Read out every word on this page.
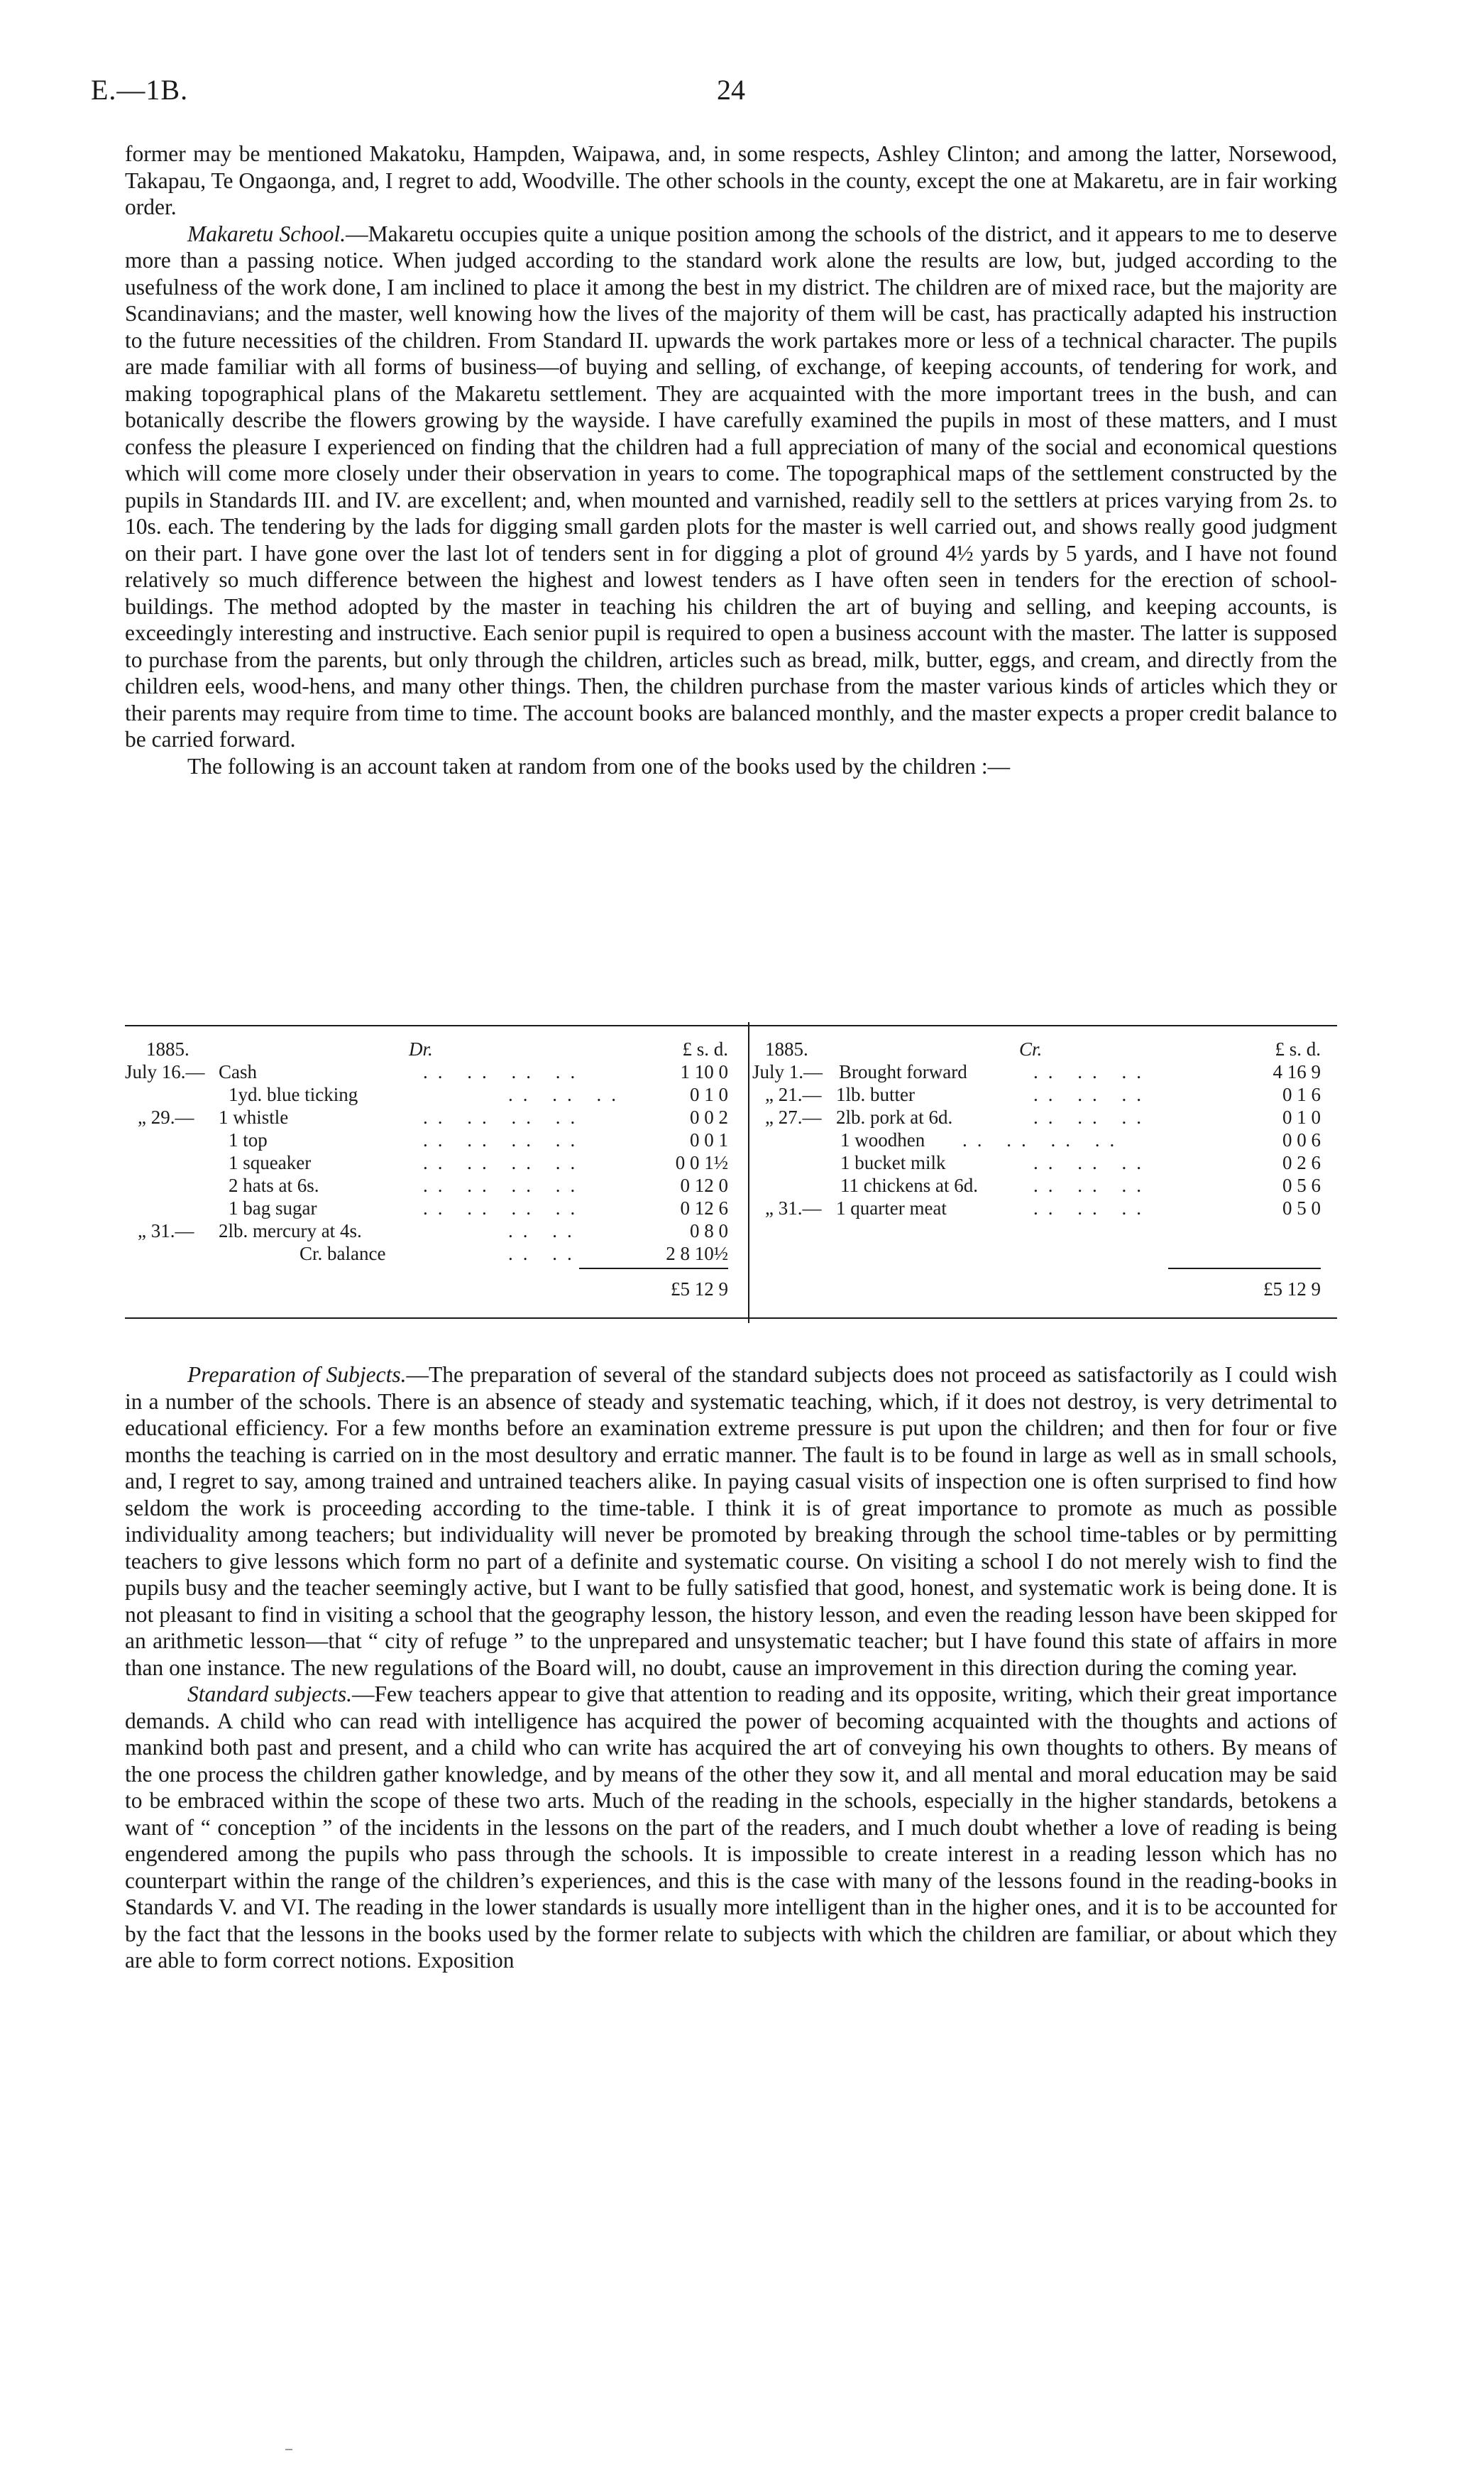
E.—1B.	24

former may be mentioned Makatoku, Hampden, Waipawa, and, in some respects, Ashley Clinton; and among the latter, Norsewood, Takapau, Te Ongaonga, and, I regret to add, Woodville. The other schools in the county, except the one at Makaretu, are in fair working order.

Makaretu School.—Makaretu occupies quite a unique position among the schools of the district, and it appears to me to deserve more than a passing notice. When judged according to the standard work alone the results are low, but, judged according to the usefulness of the work done, I am inclined to place it among the best in my district. The children are of mixed race, but the majority are Scandinavians; and the master, well knowing how the lives of the majority of them will be cast, has practically adapted his instruction to the future necessities of the children. From Standard II. upwards the work partakes more or less of a technical character. The pupils are made familiar with all forms of business—of buying and selling, of exchange, of keeping accounts, of tendering for work, and making topographical plans of the Makaretu settlement. They are acquainted with the more important trees in the bush, and can botanically describe the flowers growing by the wayside. I have carefully examined the pupils in most of these matters, and I must confess the pleasure I experienced on finding that the children had a full appreciation of many of the social and economical questions which will come more closely under their observation in years to come. The topographical maps of the settlement constructed by the pupils in Standards III. and IV. are excellent; and, when mounted and varnished, readily sell to the settlers at prices varying from 2s. to 10s. each. The tendering by the lads for digging small garden plots for the master is well carried out, and shows really good judgment on their part. I have gone over the last lot of tenders sent in for digging a plot of ground 4½ yards by 5 yards, and I have not found relatively so much difference between the highest and lowest tenders as I have often seen in tenders for the erection of school-buildings. The method adopted by the master in teaching his children the art of buying and selling, and keeping accounts, is exceedingly interesting and instructive. Each senior pupil is required to open a business account with the master. The latter is supposed to purchase from the parents, but only through the children, articles such as bread, milk, butter, eggs, and cream, and directly from the children eels, wood-hens, and many other things. Then, the children purchase from the master various kinds of articles which they or their parents may require from time to time. The account books are balanced monthly, and the master expects a proper credit balance to be carried forward.

The following is an account taken at random from one of the books used by the children :—

1885.	Dr.	£ s. d.
July 16.— Cash	.. .. .. ..	1 10 0
1yd. blue ticking	.. .. ..	0 1 0
„ 29.— 1 whistle	.. .. .. ..	0 0 2
1 top	.. .. .. ..	0 0 1
1 squeaker	.. .. .. ..	0 0 1½
2 hats at 6s.	.. .. .. ..	0 12 0
1 bag sugar	.. .. .. ..	0 12 6
„ 31.— 2lb. mercury at 4s.	.. ..	0 8 0
Cr. balance	.. ..	2 8 10½
£5 12 9
1885.	Cr.	£ s. d.
July 1.— Brought forward	.. .. ..	4 16 9
„ 21.— 1lb. butter	.. .. ..	0 1 6
„ 27.— 2lb. pork at 6d.	.. .. ..	0 1 0
1 woodhen .. .. .. ..	0 0 6
1 bucket milk	.. .. ..	0 2 6
11 chickens at 6d.	.. .. ..	0 5 6
„ 31.— 1 quarter meat	.. .. ..	0 5 0
£5 12 9

Preparation of Subjects.—The preparation of several of the standard subjects does not proceed as satisfactorily as I could wish in a number of the schools. There is an absence of steady and systematic teaching, which, if it does not destroy, is very detrimental to educational efficiency. For a few months before an examination extreme pressure is put upon the children; and then for four or five months the teaching is carried on in the most desultory and erratic manner. The fault is to be found in large as well as in small schools, and, I regret to say, among trained and untrained teachers alike. In paying casual visits of inspection one is often surprised to find how seldom the work is proceeding according to the time-table. I think it is of great importance to promote as much as possible individuality among teachers; but individuality will never be promoted by breaking through the school time-tables or by permitting teachers to give lessons which form no part of a definite and systematic course. On visiting a school I do not merely wish to find the pupils busy and the teacher seemingly active, but I want to be fully satisfied that good, honest, and systematic work is being done. It is not pleasant to find in visiting a school that the geography lesson, the history lesson, and even the reading lesson have been skipped for an arithmetic lesson—that “ city of refuge ” to the unprepared and unsystematic teacher; but I have found this state of affairs in more than one instance. The new regulations of the Board will, no doubt, cause an improvement in this direction during the coming year.

Standard subjects.—Few teachers appear to give that attention to reading and its opposite, writing, which their great importance demands. A child who can read with intelligence has acquired the power of becoming acquainted with the thoughts and actions of mankind both past and present, and a child who can write has acquired the art of conveying his own thoughts to others. By means of the one process the children gather knowledge, and by means of the other they sow it, and all mental and moral education may be said to be embraced within the scope of these two arts. Much of the reading in the schools, especially in the higher standards, betokens a want of “ conception ” of the incidents in the lessons on the part of the readers, and I much doubt whether a love of reading is being engendered among the pupils who pass through the schools. It is impossible to create interest in a reading lesson which has no counterpart within the range of the children’s experiences, and this is the case with many of the lessons found in the reading-books in Standards V. and VI. The reading in the lower standards is usually more intelligent than in the higher ones, and it is to be accounted for by the fact that the lessons in the books used by the former relate to subjects with which the children are familiar, or about which they are able to form correct notions. Exposition
